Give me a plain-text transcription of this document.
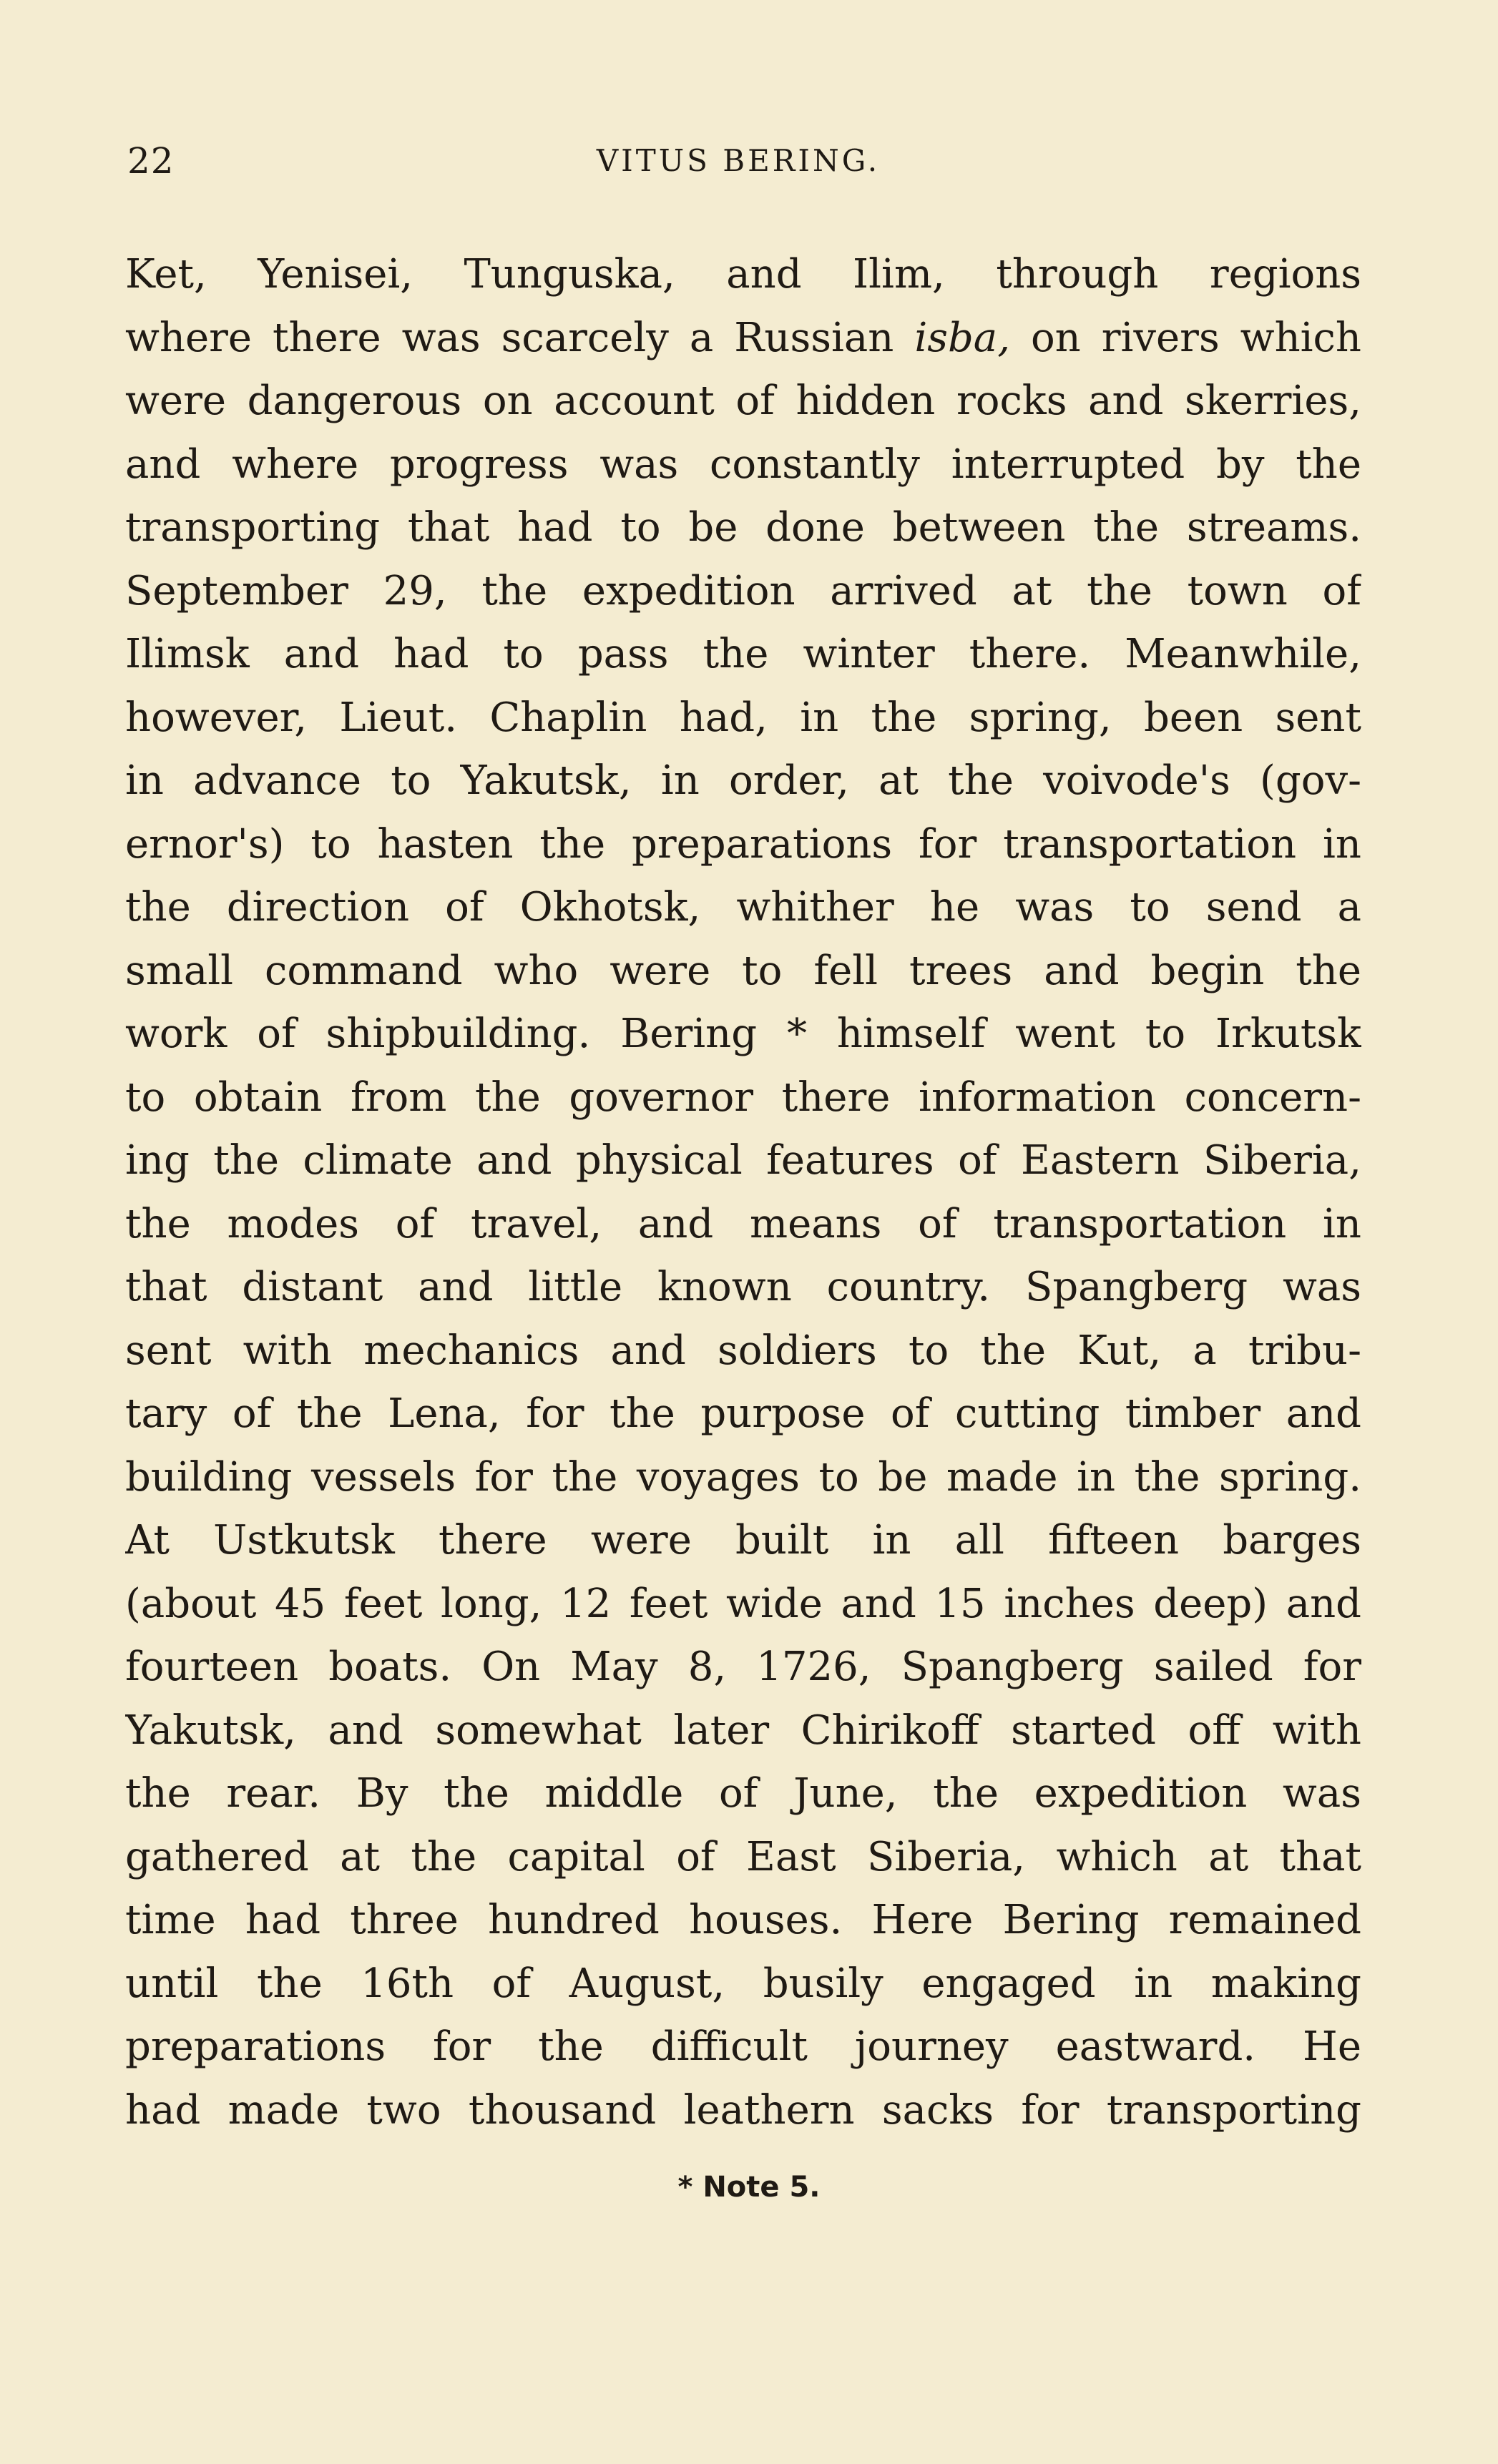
22	VITUS BERING.
Ket, Yenisei, Tunguska, and Ilim, through regions
where there was scarcely a Russian isba, on rivers which
were dangerous on account of hidden rocks and skerries,
and where progress was constantly interrupted by the
transporting that had to be done between the streams.
September 29, the expedition arrived at the town of
Ilimsk and had to pass the winter there. Meanwhile,
however, Lieut. Chaplin had, in the spring, been sent
in advance to Yakutsk, in order, at the voivode's (gov-
ernor's) to hasten the preparations for transportation in
the direction of Okhotsk, whither he was to send a
small command who were to fell trees and begin the
work of shipbuilding. Bering * himself went to Irkutsk
to obtain from the governor there information concern-
ing the climate and physical features of Eastern Siberia,
the modes of travel, and means of transportation in
that distant and little known country. Spangberg was
sent with mechanics and soldiers to the Kut, a tribu-
tary of the Lena, for the purpose of cutting timber and
building vessels for the voyages to be made in the spring.
At Ustkutsk there were built in all fifteen barges
(about 45 feet long, 12 feet wide and 15 inches deep) and
fourteen boats. On May 8, 1726, Spangberg sailed for
Yakutsk, and somewhat later Chirikoff started off with
the rear. By the middle of June, the expedition was
gathered at the capital of East Siberia, which at that
time had three hundred houses. Here Bering remained
until the 16th of August, busily engaged in making
preparations for the difficult journey eastward. He
had made two thousand leathern sacks for transporting
* Note 5.
